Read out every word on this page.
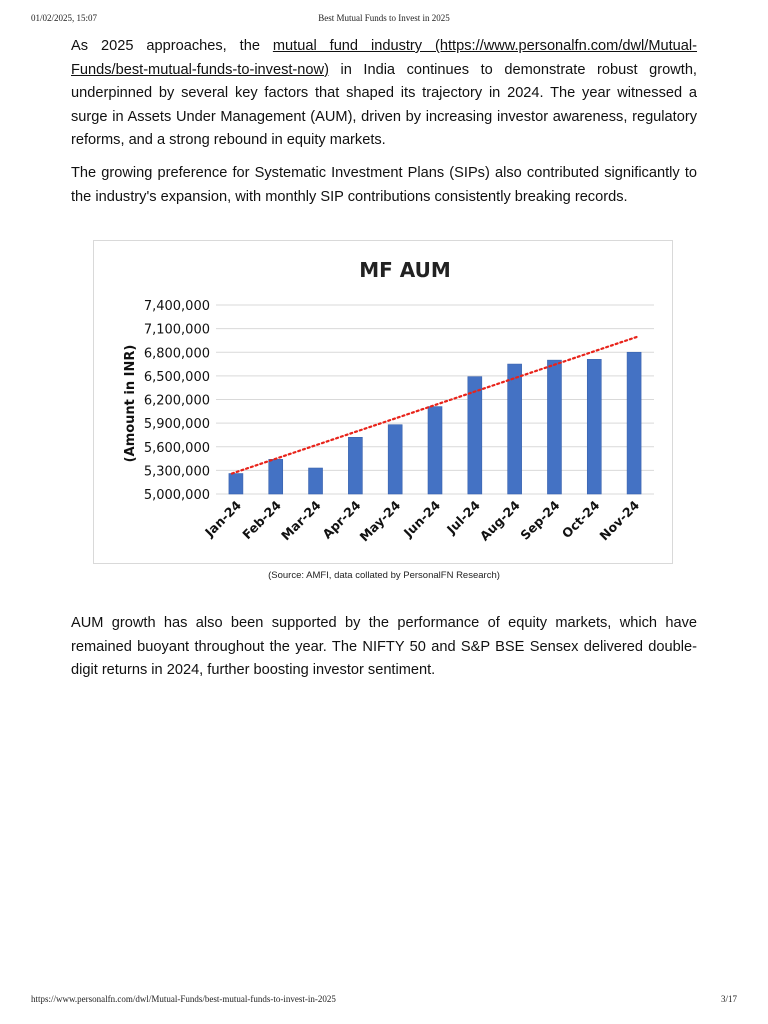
01/02/2025, 15:07	Best Mutual Funds to Invest in 2025

As 2025 approaches, the mutual fund industry (https://www.personalfn.com/dwl/Mutual-Funds/best-mutual-funds-to-invest-now) in India continues to demonstrate robust growth, underpinned by several key factors that shaped its trajectory in 2024. The year witnessed a surge in Assets Under Management (AUM), driven by increasing investor awareness, regulatory reforms, and a strong rebound in equity markets.

The growing preference for Systematic Investment Plans (SIPs) also contributed significantly to the industry's expansion, with monthly SIP contributions consistently breaking records.

5,000,000
5,300,000
5,600,000
5,900,000
6,200,000
6,500,000
6,800,000
7,100,000
7,400,000
Jan-24
Feb-24
Mar-24
Apr-24
May-24
Jun-24 Jul-24
Aug-24
Sep-24
Oct-24
Nov-24
MF AUM
(Amount in INR)
(Source: AMFI, data collated by PersonalFN Research)

AUM growth has also been supported by the performance of equity markets, which have remained buoyant throughout the year. The NIFTY 50 and S&P BSE Sensex delivered double-digit returns in 2024, further boosting investor sentiment.

https://www.personalfn.com/dwl/Mutual-Funds/best-mutual-funds-to-invest-in-2025	3/17
